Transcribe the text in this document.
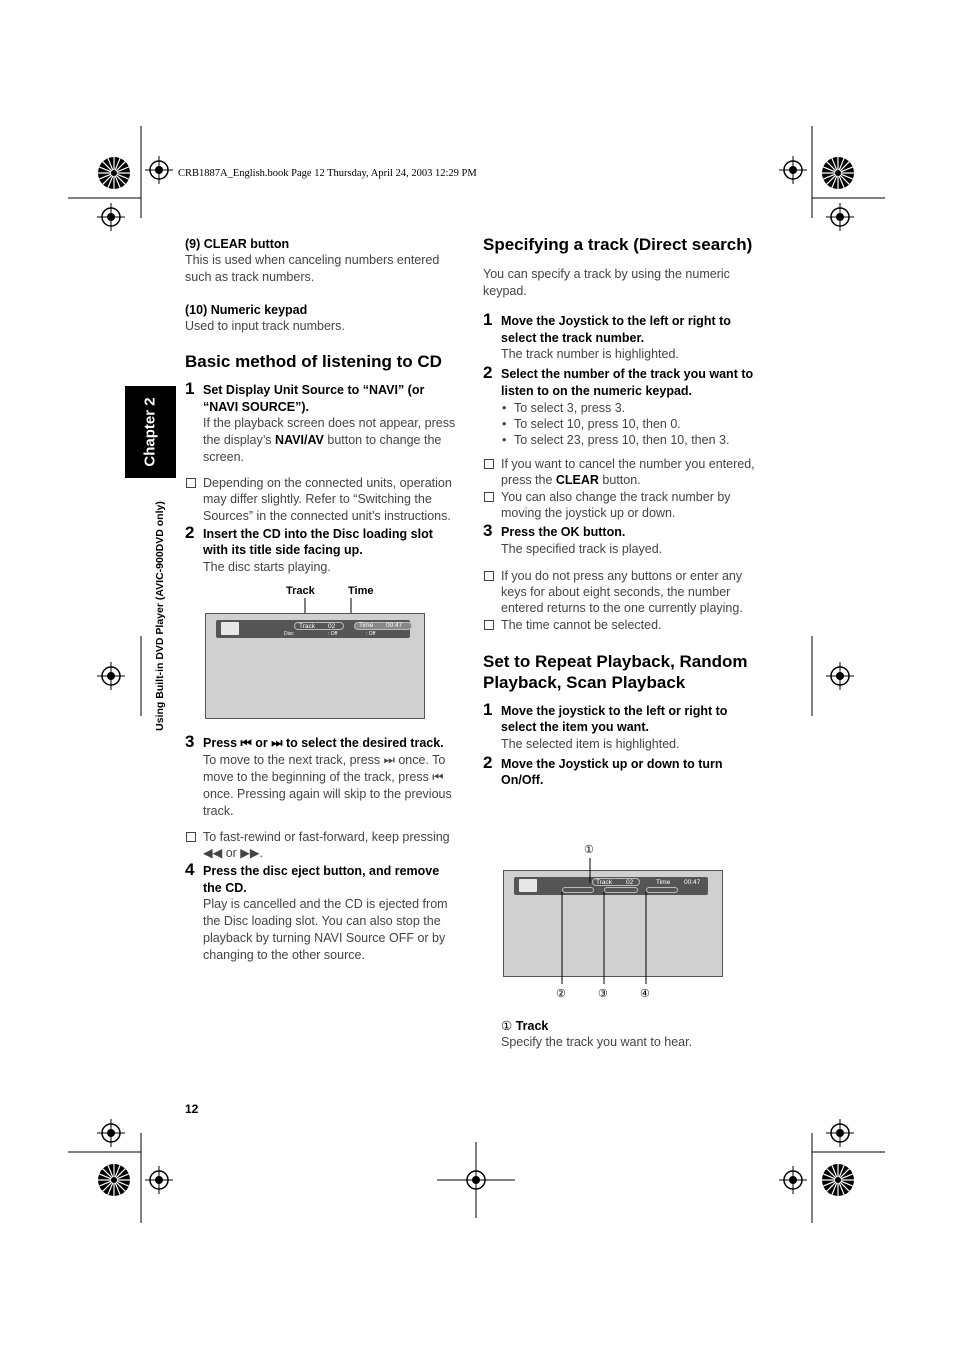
CRB1887A_English.book Page 12 Thursday, April 24, 2003 12:29 PM
Chapter 2
Using Built-in DVD Player (AVIC-900DVD only)

(9) CLEAR button

This is used when canceling numbers entered such as track numbers.

(10) Numeric keypad

Used to input track numbers.

Basic method of listening to CD
1 Set Display Unit Source to “NAVI” (or “NAVI SOURCE”).

If the playback screen does not appear, press the display’s NAVI/AV button to change the screen.

Depending on the connected units, operation may differ slightly. Refer to “Switching the Sources” in the connected unit’s instructions.
2 Insert the CD into the Disc loading slot with its title side facing up.

The disc starts playing.

Track	Time
Track 02	Time 00:47
Disc	: Off	: Off
3 Press ⏮ or ⏭ to select the desired track.

To move to the next track, press ⏭ once. To move to the beginning of the track, press ⏮ once. Pressing again will skip to the previous track.

To fast-rewind or fast-forward, keep pressing ◀◀ or ▶▶.
4 Press the disc eject button, and remove the CD.

Play is cancelled and the CD is ejected from the Disc loading slot. You can also stop the playback by turning NAVI Source OFF or by changing to the other source.

12
Specifying a track (Direct search)

You can specify a track by using the numeric keypad.

1 Move the Joystick to the left or right to select the track number.

The track number is highlighted.

2 Select the number of the track you want to listen to on the numeric keypad.
• To select 3, press 3.
• To select 10, press 10, then 0.
• To select 23, press 10, then 10, then 3.
If you want to cancel the number you entered, press the CLEAR button.
You can also change the track number by moving the joystick up or down.
3 Press the OK button.

The specified track is played.

If you do not press any buttons or enter any keys for about eight seconds, the number entered returns to the one currently playing.
The time cannot be selected.
Set to Repeat Playback, Random Playback, Scan Playback
1 Move the joystick to the left or right to select the item you want.

The selected item is highlighted.

2 Move the Joystick up or down to turn On/Off.
①
Track 02	Time 00:47
②	③	④
① Track

Specify the track you want to hear.
